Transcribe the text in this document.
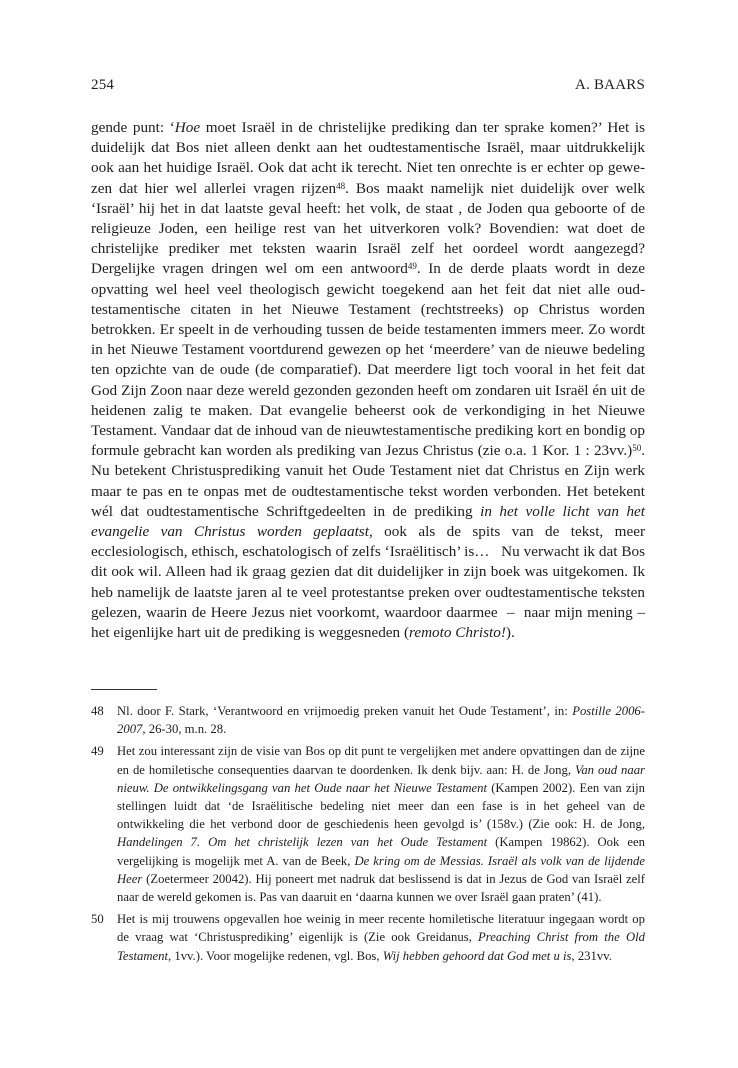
254	A. BAARS

gende punt: ‘Hoe moet Israël in de christelijke prediking dan ter sprake komen?’ Het is duidelijk dat Bos niet alleen denkt aan het oudtestamentische Israël, maar uitdrukkelijk ook aan het huidige Israël. Ook dat acht ik terecht. Niet ten onrechte is er echter op gewezen dat hier wel allerlei vragen rijzen$^{48}$. Bos maakt namelijk niet duidelijk over welk ‘Israël’ hij het in dat laatste geval heeft: het volk, de staat , de Joden qua geboorte of de religieuze Joden, een heilige rest van het uitverkoren volk? Bovendien: wat doet de christelijke prediker met teksten waarin Israël zelf het oordeel wordt aangezegd? Dergelijke vragen dringen wel om een antwoord$^{49}$. In de derde plaats wordt in deze opvatting wel heel veel theologisch gewicht toegekend aan het feit dat niet alle oudtestamentische citaten in het Nieuwe Testament (rechtstreeks) op Christus worden betrokken. Er speelt in de verhouding tussen de beide testamenten immers meer. Zo wordt in het Nieuwe Testament voortdurend gewezen op het ‘meerdere’ van de nieuwe bedeling ten opzichte van de oude (de comparatief). Dat meerdere ligt toch vooral in het feit dat God Zijn Zoon naar deze wereld gezonden gezonden heeft om zondaren uit Israël én uit de heidenen zalig te maken. Dat evangelie beheerst ook de verkondiging in het Nieuwe Testament. Vandaar dat de inhoud van de nieuwtestamentische prediking kort en bondig op formule gebracht kan worden als prediking van Jezus Christus (zie o.a. 1 Kor. 1 : 23vv.)$^{50}$. Nu betekent Christusprediking vanuit het Oude Testament niet dat Christus en Zijn werk maar te pas en te onpas met de oudtestamentische tekst worden verbonden. Het betekent wél dat oudtestamentische Schriftgedeelten in de prediking in het volle licht van het evangelie van Christus worden geplaatst, ook als de spits van de tekst, meer ecclesiologisch, ethisch, eschatologisch of zelfs ‘Israëlitisch’ is…   Nu verwacht ik dat Bos dit ook wil. Alleen had ik graag gezien dat dit duidelijker in zijn boek was uitgekomen. Ik heb namelijk de laatste jaren al te veel protestantse preken over oudtestamentische teksten gelezen, waarin de Heere Jezus niet voorkomt, waardoor daarmee  –  naar mijn mening – het eigenlijke hart uit de prediking is weggesneden (remoto Christo!).

48	Nl. door F. Stark, ‘Verantwoord en vrijmoedig preken vanuit het Oude Testament’, in: Postille 2006-2007, 26-30, m.n. 28.
49	Het zou interessant zijn de visie van Bos op dit punt te vergelijken met andere opvattingen dan de zijne en de homiletische consequenties daarvan te doordenken. Ik denk bijv. aan: H. de Jong, Van oud naar nieuw. De ontwikkelingsgang van het Oude naar het Nieuwe Testament (Kampen 2002). Een van zijn stellingen luidt dat ‘de Israëlitische bedeling niet meer dan een fase is in het geheel van de ontwikkeling die het verbond door de geschiedenis heen gevolgd is’ (158v.) (Zie ook: H. de Jong, Handelingen 7. Om het christelijk lezen van het Oude Testament (Kampen 19862). Ook een vergelijking is mogelijk met A. van de Beek, De kring om de Messias. Israël als volk van de lijdende Heer (Zoetermeer 20042). Hij poneert met nadruk dat beslissend is dat in Jezus de God van Israël zelf naar de wereld gekomen is. Pas van daaruit en ‘daarna kunnen we over Israël gaan praten’ (41).
50	Het is mij trouwens opgevallen hoe weinig in meer recente homiletische literatuur ingegaan wordt op de vraag wat ‘Christusprediking’ eigenlijk is (Zie ook Greidanus, Preaching Christ from the Old Testament, 1vv.). Voor mogelijke redenen, vgl. Bos, Wij hebben gehoord dat God met u is, 231vv.
